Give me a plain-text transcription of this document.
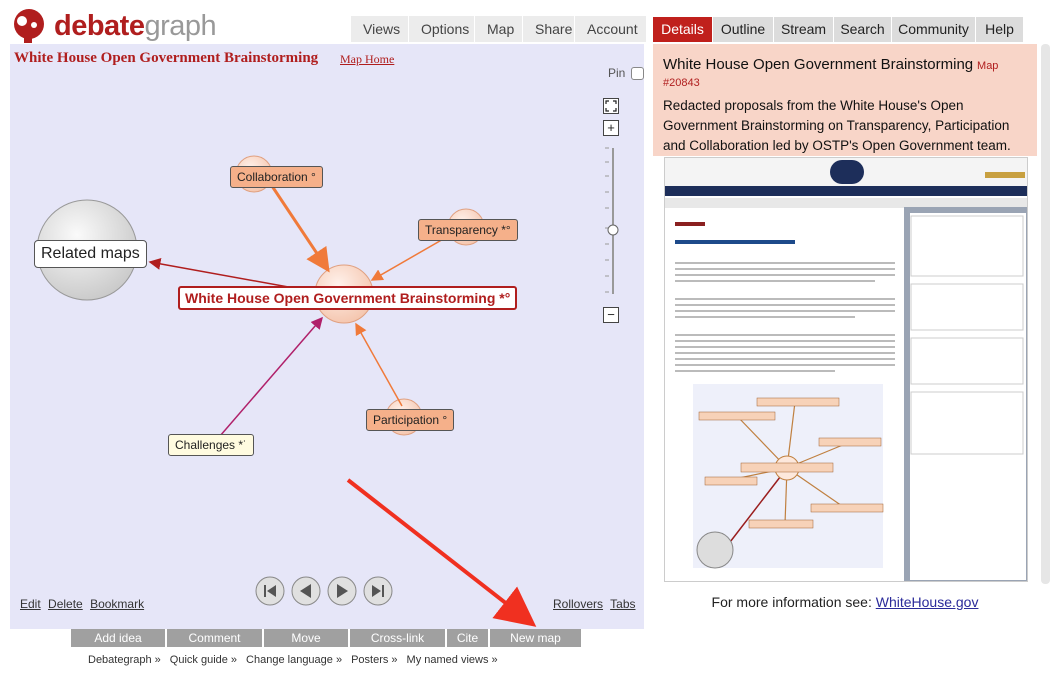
debategraph	Views	Options	Map	Share	Account	Details	Outline	Stream	Search Community	Help
White House Open Government Brainstorming Map Home
Pin
Collaboration °
Transparency *°
Participation °
White House Open Government Brainstorming *°
Challenges *˙
Related maps
+
−
Edit Delete Bookmark	Rollovers Tabs
Add idea	Comment	Move	Cross-link	Cite	New map
Debategraph » Quick guide » Change language » Posters » My named views »
White House Open Government Brainstorming Map #20843
Redacted proposals from the White House's Open Government Brainstorming on Transparency, Participation and Collaboration led by OSTP's Open Government team.
For more information see: WhiteHouse.gov
